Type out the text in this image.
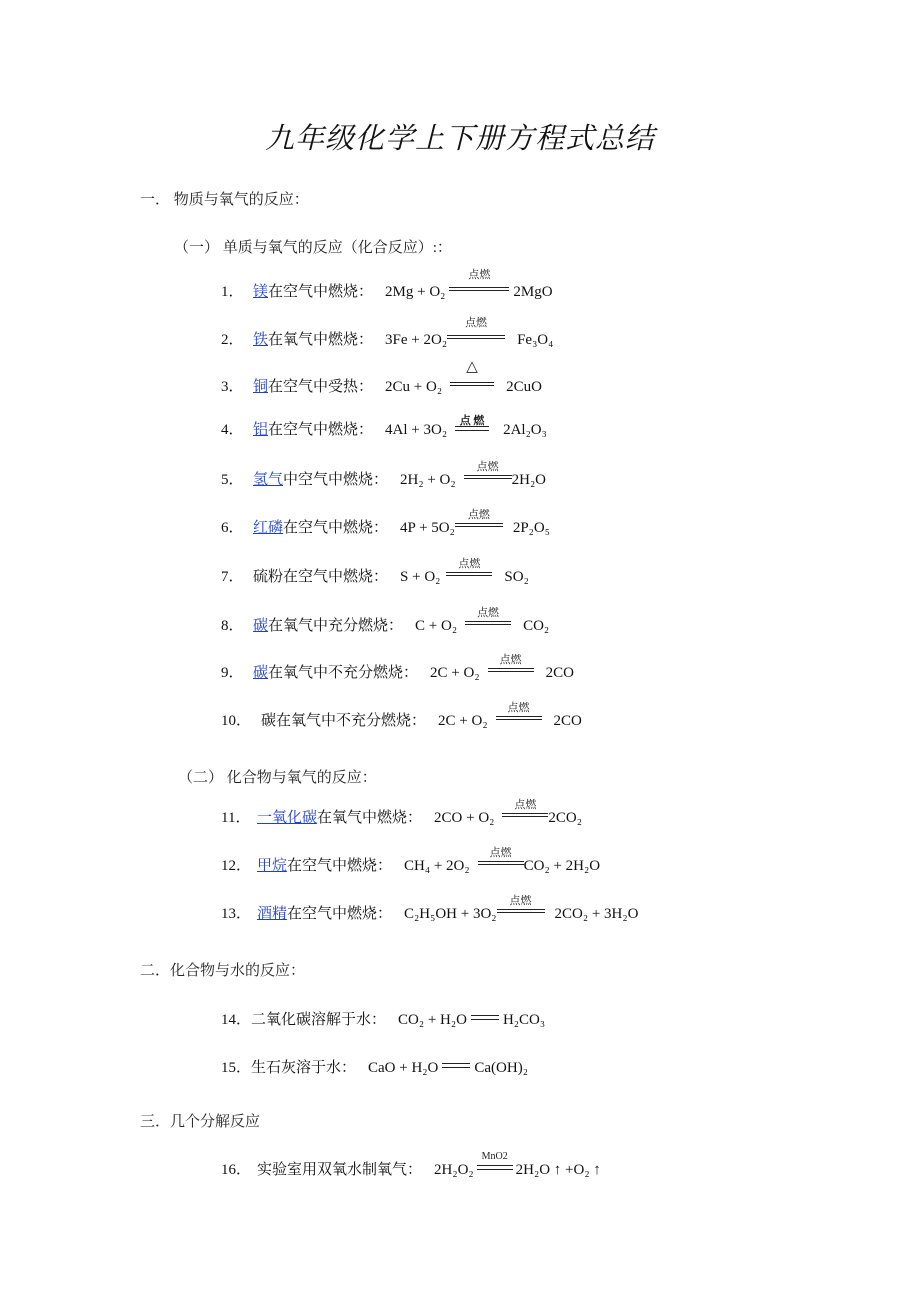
九年级化学上下册方程式总结
一． 物质与氧气的反应：
（一） 单质与氧气的反应（化合反应）:：
1． 镁 在空气中燃烧： 2Mg + O₂
点燃
2MgO
2． 铁 在氧气中燃烧： 3Fe + 2O₂
点燃
Fe₃O₄
3． 铜 在空气中受热： 2Cu + O₂
△
2CuO
4． 铝 在空气中燃烧： 4Al + 3O₂
点 燃
2Al₂O₃
5． 氢气 中空气中燃烧： 2H₂ + O₂
点燃
2H₂O
6． 红磷 在空气中燃烧： 4P + 5O₂
点燃
2P₂O₅
7． 硫粉在空气中燃烧： S + O₂
点燃
SO₂
8． 碳 在氧气中充分燃烧： C + O₂
点燃
CO₂
9． 碳 在氧气中不充分燃烧： 2C + O₂
点燃
2CO
10． 碳在氧气中不充分燃烧： 2C + O₂
点燃
2CO
（二） 化合物与氧气的反应：
11． 一氧化碳 在氧气中燃烧： 2CO + O₂
点燃
2CO₂
12． 甲烷 在空气中燃烧： CH₄ + 2O₂
点燃
CO₂ + 2H₂O
13． 酒精 在空气中燃烧： C₂H₅OH + 3O₂
点燃
2CO₂ + 3H₂O
二．化合物与水的反应：
14． 二氧化碳溶解于水： CO₂ + H₂O H₂CO₃
15． 生石灰溶于水： CaO + H₂O Ca(OH)₂
三．几个分解反应
16． 实验室用双氧水制氧气： 2H₂O₂
MnO2
2H₂O ↑ +O₂ ↑
